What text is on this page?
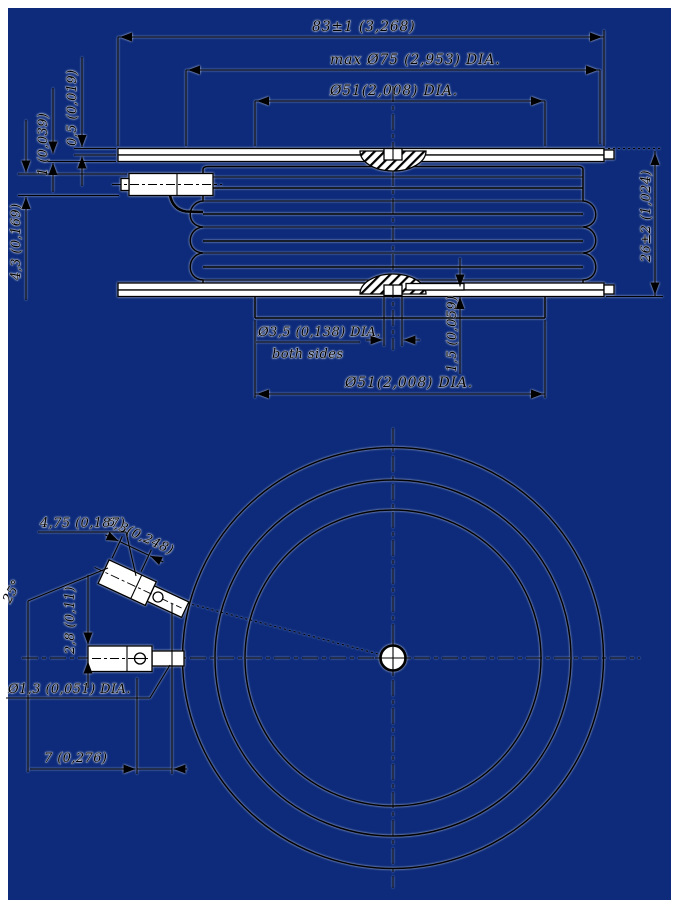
83±1 (3,268)
max Ø75 (2,953) DIA.
Ø51(2,008) DIA.
0,5 (0,019)
1 (0,039)
4,3 (0,169)	26±2 (1,024)
Ø3,5 (0,138) DIA.
both sides	1,5 (0,059)
Ø51(2,008) DIA.
6,3(0,248)
4,75 (0,187)
25°	2,8 (0,11)
Ø1,3 (0,051) DIA.
7 (0,276)
